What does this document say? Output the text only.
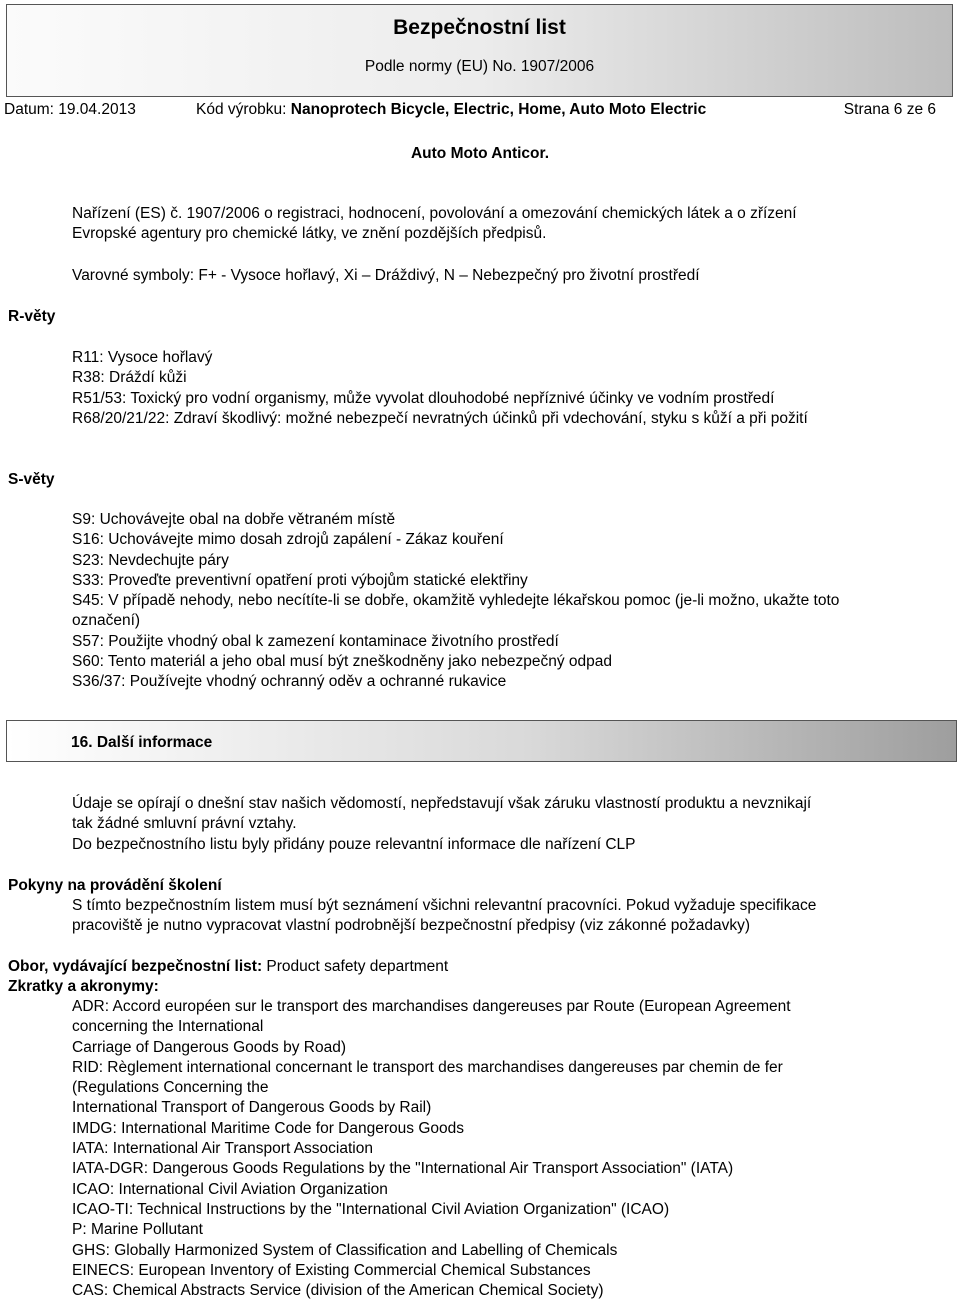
Bezpečnostní list
Podle normy (EU) No. 1907/2006
Datum: 19.04.2013	Kód výrobku: Nanoprotech Bicycle, Electric, Home, Auto Moto Electric	Strana 6 ze 6
Auto Moto Anticor.

Nařízení (ES) č. 1907/2006 o registraci, hodnocení, povolování a omezování chemických látek a o zřízení

Evropské agentury pro chemické látky, ve znění pozdějších předpisů.

Varovné symboly: F+ - Vysoce hořlavý, Xi – Dráždivý, N – Nebezpečný pro životní prostředí

R-věty

R11: Vysoce hořlavý

R38: Dráždí kůži

R51/53: Toxický pro vodní organismy, může vyvolat dlouhodobé nepříznivé účinky ve vodním prostředí

R68/20/21/22: Zdraví škodlivý: možné nebezpečí nevratných účinků při vdechování, styku s kůží a při požití

S-věty

S9: Uchovávejte obal na dobře větraném místě

S16: Uchovávejte mimo dosah zdrojů zapálení - Zákaz kouření

S23: Nevdechujte páry

S33: Proveďte preventivní opatření proti výbojům statické elektřiny

S45: V případě nehody, nebo necítíte-li se dobře, okamžitě vyhledejte lékařskou pomoc (je-li možno, ukažte toto

označení)

S57: Použijte vhodný obal k zamezení kontaminace životního prostředí

S60: Tento materiál a jeho obal musí být zneškodněny jako nebezpečný odpad

S36/37: Používejte vhodný ochranný oděv a ochranné rukavice

16. Další informace

Údaje se opírají o dnešní stav našich vědomostí, nepředstavují však záruku vlastností produktu a nevznikají

tak žádné smluvní právní vztahy.

Do bezpečnostního listu byly přidány pouze relevantní informace dle nařízení CLP

Pokyny na provádění školení

S tímto bezpečnostním listem musí být seznámení všichni relevantní pracovníci. Pokud vyžaduje specifikace

pracoviště je nutno vypracovat vlastní podrobnější bezpečnostní předpisy (viz zákonné požadavky)

Obor, vydávající bezpečnostní list: Product safety department
Zkratky a akronymy:

ADR: Accord européen sur le transport des marchandises dangereuses par Route (European Agreement

concerning the International

Carriage of Dangerous Goods by Road)

RID: Règlement international concernant le transport des marchandises dangereuses par chemin de fer

(Regulations Concerning the

International Transport of Dangerous Goods by Rail)

IMDG: International Maritime Code for Dangerous Goods

IATA: International Air Transport Association

IATA-DGR: Dangerous Goods Regulations by the "International Air Transport Association" (IATA)

ICAO: International Civil Aviation Organization

ICAO-TI: Technical Instructions by the "International Civil Aviation Organization" (ICAO)

P: Marine Pollutant

GHS: Globally Harmonized System of Classification and Labelling of Chemicals

EINECS: European Inventory of Existing Commercial Chemical Substances

CAS: Chemical Abstracts Service (division of the American Chemical Society)
